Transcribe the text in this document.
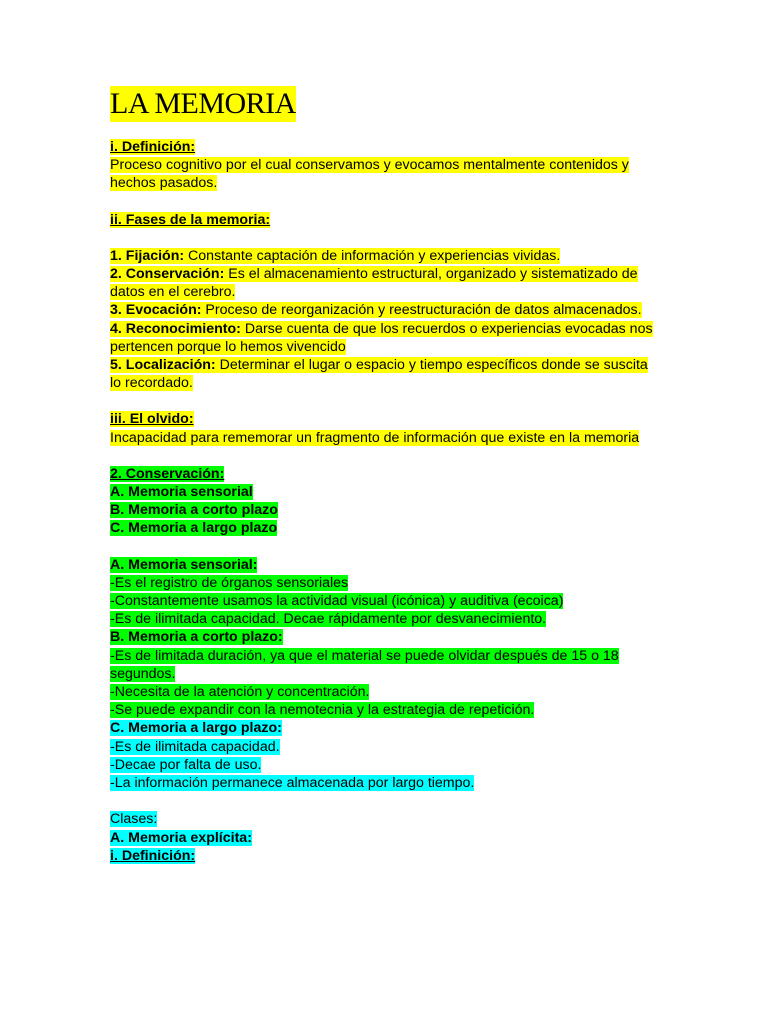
LA MEMORIA
i. Definición:
Proceso cognitivo por el cual conservamos y evocamos mentalmente contenidos y hechos pasados.
ii. Fases de la memoria:
1. Fijación: Constante captación de información y experiencias vividas.
2. Conservación: Es el almacenamiento estructural, organizado y sistematizado de datos en el cerebro.
3. Evocación: Proceso de reorganización y reestructuración de datos almacenados.
4. Reconocimiento: Darse cuenta de que los recuerdos o experiencias evocadas nos pertencen porque lo hemos vivencido
5. Localización: Determinar el lugar o espacio y tiempo específicos donde se suscita lo recordado.
iii. El olvido:
Incapacidad para rememorar un fragmento de información que existe en la memoria
2. Conservación:
A. Memoria sensorial
B. Memoria a corto plazo
C. Memoria a largo plazo
A. Memoria sensorial:
-Es el registro de órganos sensoriales
-Constantemente usamos la actividad visual (icónica) y auditiva (ecoica)
-Es de ilimitada capacidad. Decae rápidamente por desvanecimiento.
B. Memoria a corto plazo:
-Es de limitada duración, ya que el material se puede olvidar después de 15 o 18 segundos.
-Necesita de la atención y concentración.
-Se puede expandir con la nemotecnia y la estrategia de repetición.
C. Memoria a largo plazo:
-Es de ilimitada capacidad.
-Decae por falta de uso.
-La información permanece almacenada por largo tiempo.
Clases:
A. Memoria explícita:
i. Definición:
